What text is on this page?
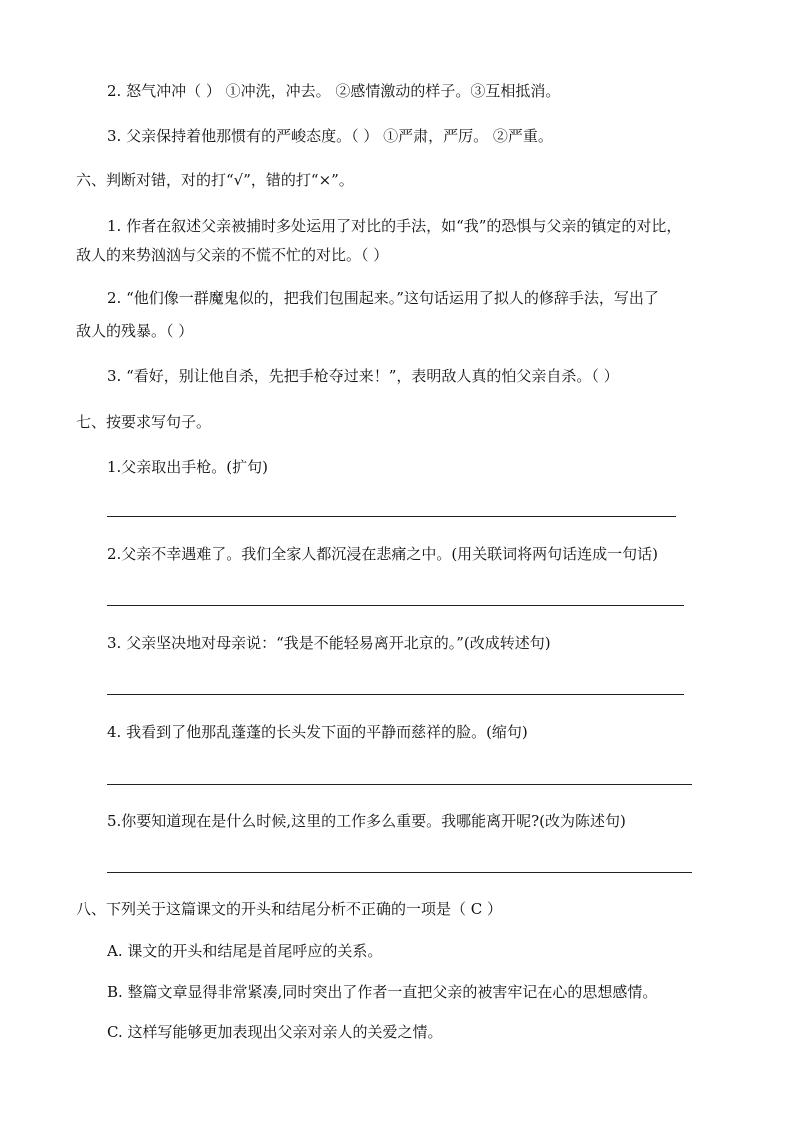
2. 怒气冲冲（ ） ①冲洗，冲去。 ②感情激动的样子。③互相抵消。
3. 父亲保持着他那惯有的严峻态度。（ ） ①严肃，严厉。 ②严重。
六、判断对错，对的打“√”，错的打“×”。
1. 作者在叙述父亲被捕时多处运用了对比的手法，如“我”的恐惧与父亲的镇定的对比，
敌人的来势汹汹与父亲的不慌不忙的对比。（ ）
2. “他们像一群魔鬼似的，把我们包围起来。”这句话运用了拟人的修辞手法，写出了
敌人的残暴。（ ）
3. “看好，别让他自杀，先把手枪夺过来！”，表明敌人真的怕父亲自杀。（ ）
七、按要求写句子。
1.父亲取出手枪。(扩句)
2.父亲不幸遇难了。我们全家人都沉浸在悲痛之中。(用关联词将两句话连成一句话)
3. 父亲坚决地对母亲说：“我是不能轻易离开北京的。”(改成转述句)
4. 我看到了他那乱蓬蓬的长头发下面的平静而慈祥的脸。(缩句)
5.你要知道现在是什么时候,这里的工作多么重要。我哪能离开呢?(改为陈述句)
八、下列关于这篇课文的开头和结尾分析不正确的一项是（ C ）
A. 课文的开头和结尾是首尾呼应的关系。
B. 整篇文章显得非常紧凑,同时突出了作者一直把父亲的被害牢记在心的思想感情。
C. 这样写能够更加表现出父亲对亲人的关爱之情。
